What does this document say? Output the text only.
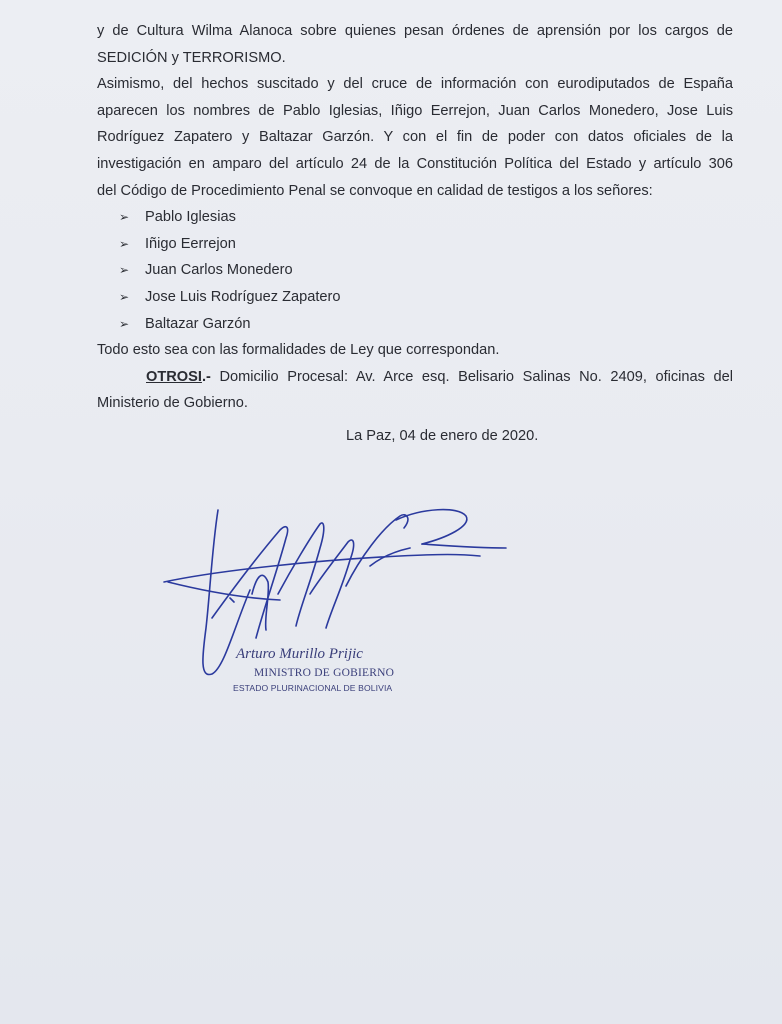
y de Cultura Wilma Alanoca sobre quienes pesan órdenes de aprensión por los cargos de
SEDICIÓN y TERRORISMO.
Asimismo, del hechos suscitado y del cruce de información con eurodiputados de España
aparecen los nombres de Pablo Iglesias, Iñigo Eerrejon, Juan Carlos Monedero, Jose Luis
Rodríguez Zapatero y Baltazar Garzón. Y con el fin de poder con datos oficiales de la
investigación en amparo del artículo 24 de la Constitución Política del Estado y artículo 306
del Código de Procedimiento Penal se convoque en calidad de testigos a los señores:
➢	Pablo Iglesias
➢	Iñigo Eerrejon
➢	Juan Carlos Monedero
➢	Jose Luis Rodríguez Zapatero
➢	Baltazar Garzón
Todo esto sea con las formalidades de Ley que correspondan.
OTROSI.- Domicilio Procesal: Av. Arce esq. Belisario Salinas No. 2409, oficinas del
Ministerio de Gobierno.
La Paz, 04 de enero de 2020.
Arturo Murillo Prijic
MINISTRO DE GOBIERNO
ESTADO PLURINACIONAL DE BOLIVIA
